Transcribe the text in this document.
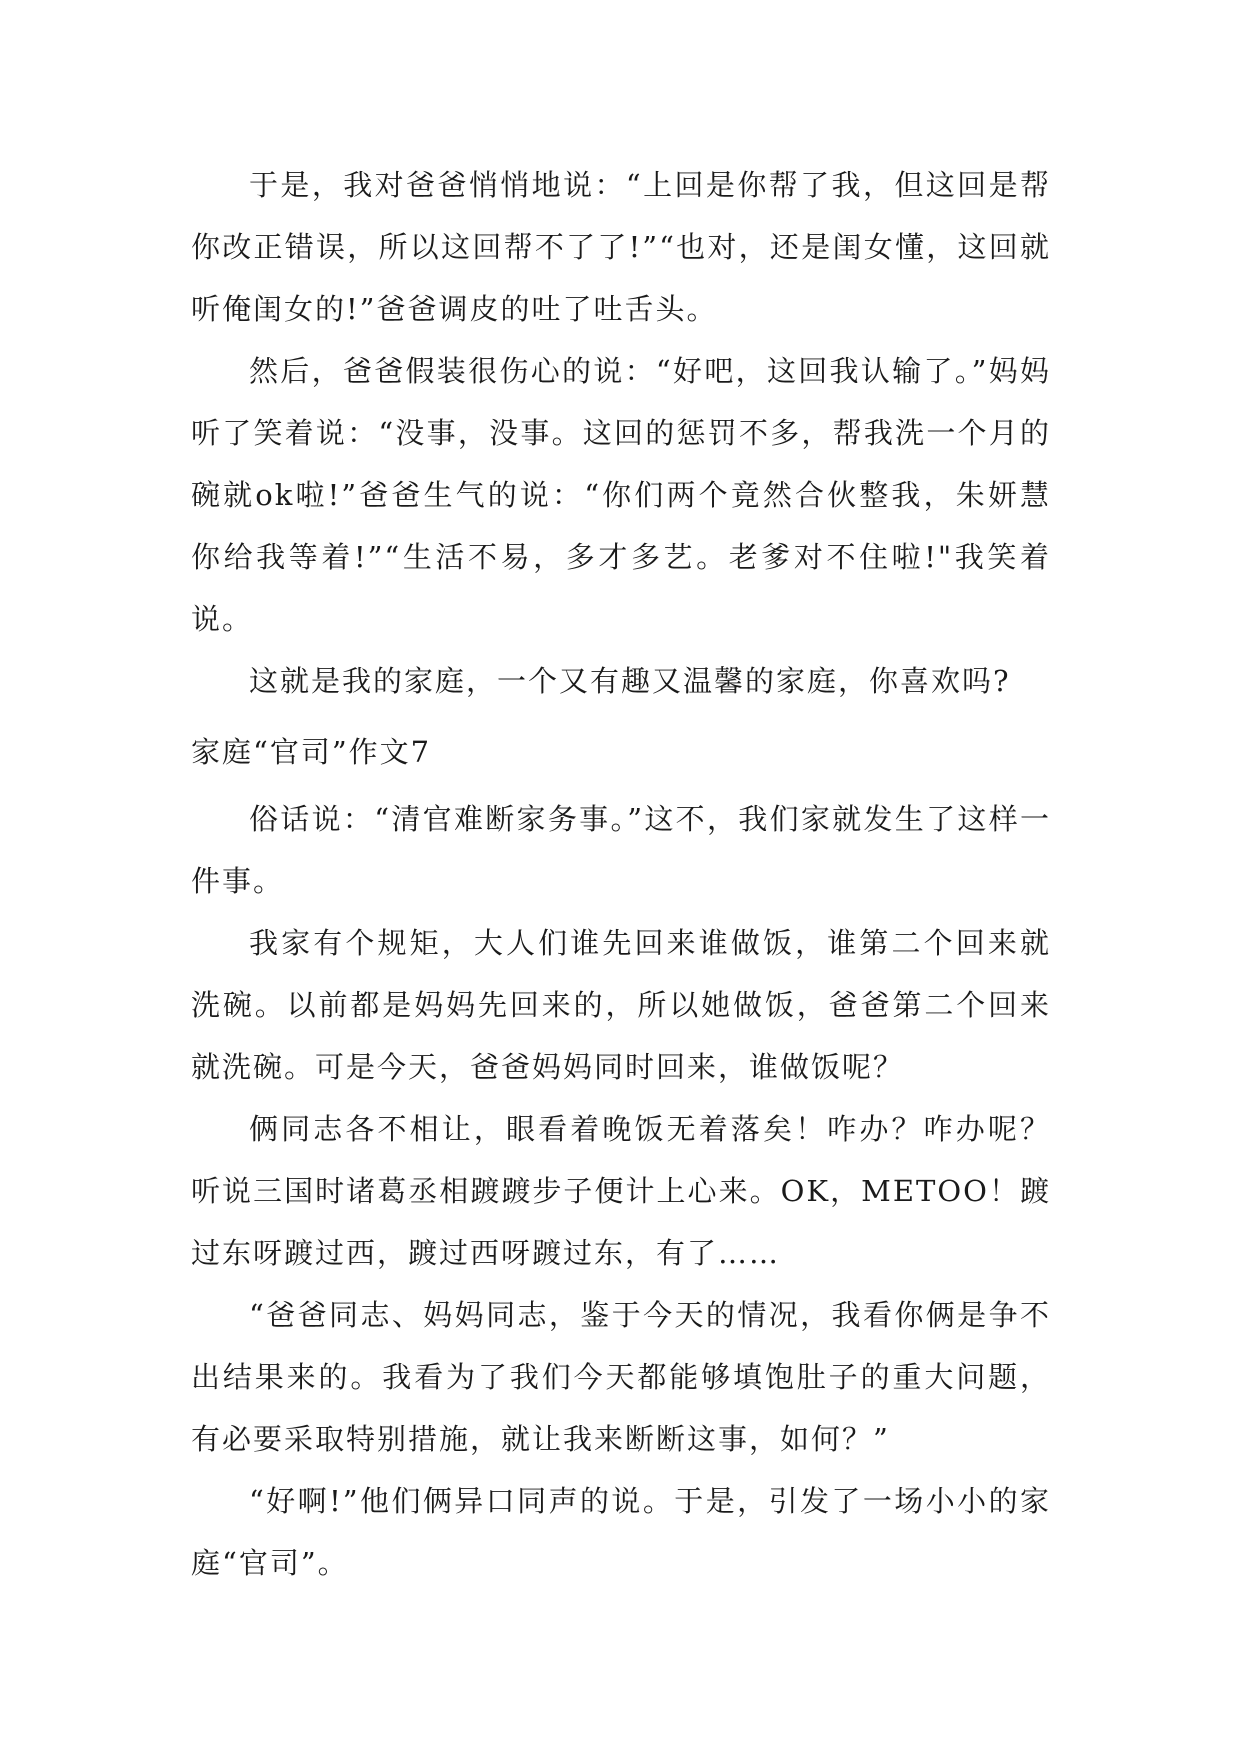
于是，我对爸爸悄悄地说：“上回是你帮了我，但这回是帮你改正错误，所以这回帮不了了!”“也对，还是闺女懂，这回就听俺闺女的!”爸爸调皮的吐了吐舌头。

然后，爸爸假装很伤心的说：“好吧，这回我认输了。”妈妈听了笑着说：“没事，没事。这回的惩罚不多，帮我洗一个月的碗就ok啦!”爸爸生气的说：“你们两个竟然合伙整我，朱妍慧你给我等着!”“生活不易，多才多艺。老爹对不住啦!"我笑着说。

这就是我的家庭，一个又有趣又温馨的家庭，你喜欢吗?

家庭“官司”作文7

俗话说：“清官难断家务事。”这不，我们家就发生了这样一件事。

我家有个规矩，大人们谁先回来谁做饭，谁第二个回来就洗碗。以前都是妈妈先回来的，所以她做饭，爸爸第二个回来就洗碗。可是今天，爸爸妈妈同时回来，谁做饭呢？

俩同志各不相让，眼看着晚饭无着落矣！咋办？咋办呢？听说三国时诸葛丞相踱踱步子便计上心来。OK，METOO！踱过东呀踱过西，踱过西呀踱过东，有了……

“爸爸同志、妈妈同志，鉴于今天的情况，我看你俩是争不出结果来的。我看为了我们今天都能够填饱肚子的重大问题，有必要采取特别措施，就让我来断断这事，如何？”

“好啊!”他们俩异口同声的说。于是，引发了一场小小的家庭“官司”。
